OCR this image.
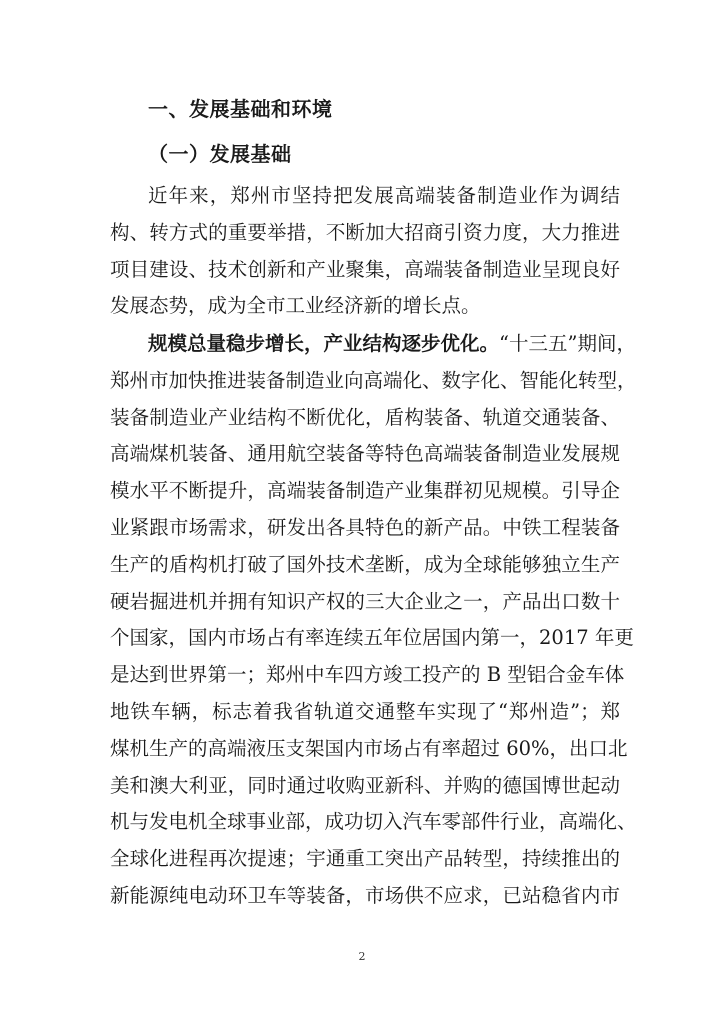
一、发展基础和环境
（一）发展基础
近年来，郑州市坚持把发展高端装备制造业作为调结
构、转方式的重要举措，不断加大招商引资力度，大力推进
项目建设、技术创新和产业聚集，高端装备制造业呈现良好
发展态势，成为全市工业经济新的增长点。
规模总量稳步增长，产业结构逐步优化。“十三五”期间，
郑州市加快推进装备制造业向高端化、数字化、智能化转型，
装备制造业产业结构不断优化，盾构装备、轨道交通装备、
高端煤机装备、通用航空装备等特色高端装备制造业发展规
模水平不断提升，高端装备制造产业集群初见规模。引导企
业紧跟市场需求，研发出各具特色的新产品。中铁工程装备
生产的盾构机打破了国外技术垄断，成为全球能够独立生产
硬岩掘进机并拥有知识产权的三大企业之一，产品出口数十
个国家，国内市场占有率连续五年位居国内第一，2017 年更
是达到世界第一；郑州中车四方竣工投产的 B 型铝合金车体
地铁车辆，标志着我省轨道交通整车实现了“郑州造”；郑
煤机生产的高端液压支架国内市场占有率超过 60%，出口北
美和澳大利亚，同时通过收购亚新科、并购的德国博世起动
机与发电机全球事业部，成功切入汽车零部件行业，高端化、
全球化进程再次提速；宇通重工突出产品转型，持续推出的
新能源纯电动环卫车等装备，市场供不应求，已站稳省内市
2
